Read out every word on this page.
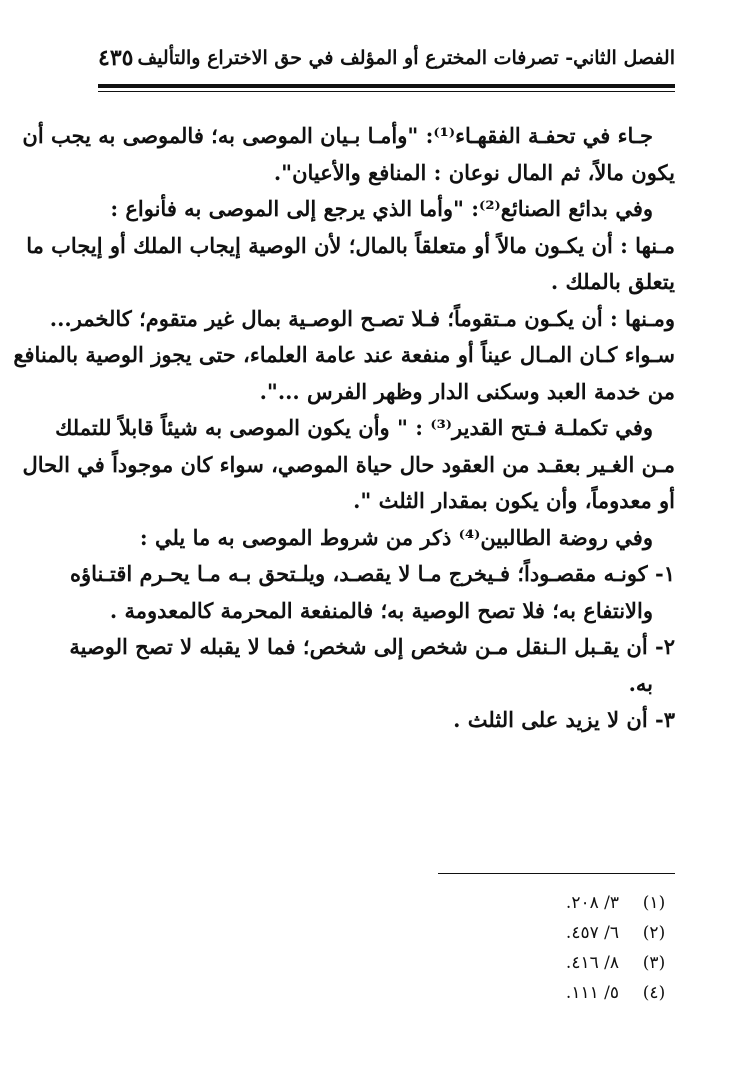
الفصل الثاني- تصرفات المخترع أو المؤلف في حق الاختراع والتأليف
٤٣٥
جـاء في تحفـة الفقهـاء⁽¹⁾: "وأمـا بـيان الموصى به؛ فالموصى به يجب أن
يكون مالاً، ثم المال نوعان : المنافع والأعيان".
وفي بدائع الصنائع⁽²⁾: "وأما الذي يرجع إلى الموصى به فأنواع :
مـنها : أن يكـون مالاً أو متعلقاً بالمال؛ لأن الوصية إيجاب الملك أو إيجاب ما
يتعلق بالملك .
ومـنها : أن يكـون مـتقوماً؛ فـلا تصـح الوصـية بمال غير متقوم؛ كالخمر...
سـواء كـان المـال عيناً أو منفعة عند عامة العلماء، حتى يجوز الوصية بالمنافع
من خدمة العبد وسكنى الدار وظهر الفرس ...".
وفي تكملـة فـتح القدير⁽³⁾ : " وأن يكون الموصى به شيئاً قابلاً للتملك
مـن الغـير بعقـد من العقود حال حياة الموصي، سواء كان موجوداً في الحال
أو معدوماً، وأن يكون بمقدار الثلث ".
وفي روضة الطالبين⁽⁴⁾ ذكر من شروط الموصى به ما يلي :
١- كونـه مقصـوداً؛ فـيخرج مـا لا يقصـد، ويلـتحق بـه مـا يحـرم اقتـناؤه
والانتفاع به؛ فلا تصح الوصية به؛ فالمنفعة المحرمة كالمعدومة .
٢- أن يقـبل الـنقل مـن شخص إلى شخص؛ فما لا يقبله لا تصح الوصية
به.
٣- أن لا يزيد على الثلث .
(١)
٣/ ٢٠٨.
(٢)
٦/ ٤٥٧.
(٣)
٨/ ٤١٦.
(٤)
٥/ ١١١.
